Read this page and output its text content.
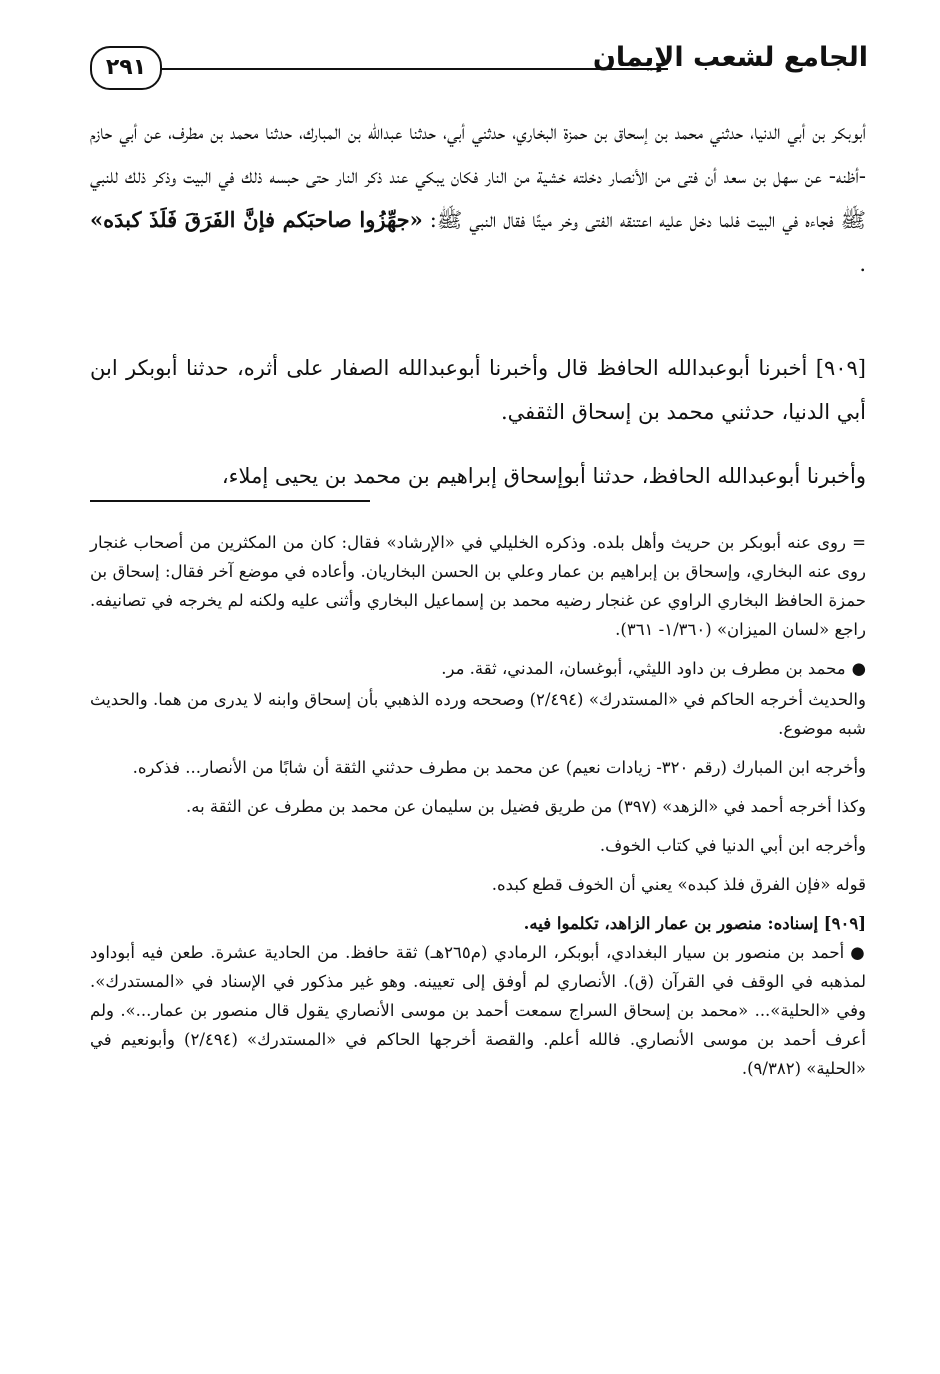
الجامع لشعب الإيمان
٢٩١

أبوبكر بن أبي الدنيا، حدثني محمد بن إسحاق بن حمزة البخاري، حدثني أبي، حدثنا عبدالله بن المبارك، حدثنا محمد بن مطرف، عن أبي حازم -أظنه- عن سهل بن سعد أن فتى من الأنصار دخلته خشية من النار فكان يبكي عند ذكر النار حتى حبسه ذلك في البيت وذكر ذلك للنبي ﷺ فجاءه في البيت فلما دخل عليه اعتنقه الفتى وخر ميتًا فقال النبي ﷺ: «جهِّزُوا صاحبَكم فإنَّ الفَرَقَ فَلَذَ كبدَه» .

[٩٠٩] أخبرنا أبوعبدالله الحافظ قال وأخبرنا أبوعبدالله الصفار على أثره، حدثنا أبوبكر ابن أبي الدنيا، حدثني محمد بن إسحاق الثقفي.

وأخبرنا أبوعبدالله الحافظ، حدثنا أبوإسحاق إبراهيم بن محمد بن يحيى إملاء،

= روى عنه أبوبكر بن حريث وأهل بلده. وذكره الخليلي في «الإرشاد» فقال: كان من المكثرين من أصحاب غنجار روى عنه البخاري، وإسحاق بن إبراهيم بن عمار وعلي بن الحسن البخاريان. وأعاده في موضع آخر فقال: إسحاق بن حمزة الحافظ البخاري الراوي عن غنجار رضيه محمد بن إسماعيل البخاري وأثنى عليه ولكنه لم يخرجه في تصانيفه. راجع «لسان الميزان» (١/٣٦٠- ٣٦١).

●محمد بن مطرف بن داود الليثي، أبوغسان، المدني، ثقة. مر.

والحديث أخرجه الحاكم في «المستدرك» (٢/٤٩٤) وصححه ورده الذهبي بأن إسحاق وابنه لا يدرى من هما. والحديث شبه موضوع.

وأخرجه ابن المبارك (رقم ٣٢٠- زيادات نعيم) عن محمد بن مطرف حدثني الثقة أن شابًا من الأنصار... فذكره.

وكذا أخرجه أحمد في «الزهد» (٣٩٧) من طريق فضيل بن سليمان عن محمد بن مطرف عن الثقة به.

وأخرجه ابن أبي الدنيا في كتاب الخوف.

قوله «فإن الفرق فلذ كبده» يعني أن الخوف قطع كبده.

[٩٠٩] إسناده: منصور بن عمار الزاهد، تكلموا فيه.

●أحمد بن منصور بن سيار البغدادي، أبوبكر، الرمادي (م٢٦٥هـ) ثقة حافظ. من الحادية عشرة. طعن فيه أبوداود لمذهبه في الوقف في القرآن (ق). الأنصاري لم أوفق إلى تعيينه. وهو غير مذكور في الإسناد في «المستدرك». وفي «الحلية»... «محمد بن إسحاق السراج سمعت أحمد بن موسى الأنصاري يقول قال منصور بن عمار...». ولم أعرف أحمد بن موسى الأنصاري. فالله أعلم. والقصة أخرجها الحاكم في «المستدرك» (٢/٤٩٤) وأبونعيم في «الحلية» (٩/٣٨٢).
